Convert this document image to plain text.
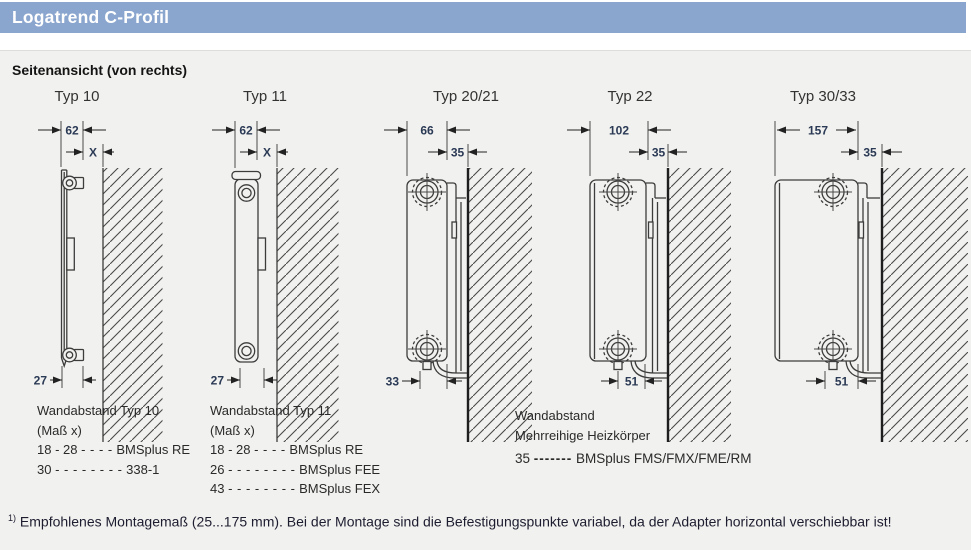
Logatrend C-Profil
Seitenansicht (von rechts)
Typ 10	Typ 11	Typ 20/21	Typ 22	Typ 30/33
62
X
27
62
X
27
66
35
33
102
35
51
157
35
51
Wandabstand Typ 10
(Maß x)
18 - 28 - - - - BMSplus RE
30 - - - - - - - - 338-1
Wandabstand Typ 11
(Maß x)
18 - 28 - - - - BMSplus RE
26 - - - - - - - - BMSplus FEE
43 - - - - - - - - BMSplus FEX
Wandabstand
Mehrreihige Heizkörper
35 ------- BMSplus FMS/FMX/FME/RM
$^{1)}$ Empfohlenes Montagemaß (25...175 mm). Bei der Montage sind die Befestigungspunkte variabel, da der Adapter horizontal verschiebbar ist!
